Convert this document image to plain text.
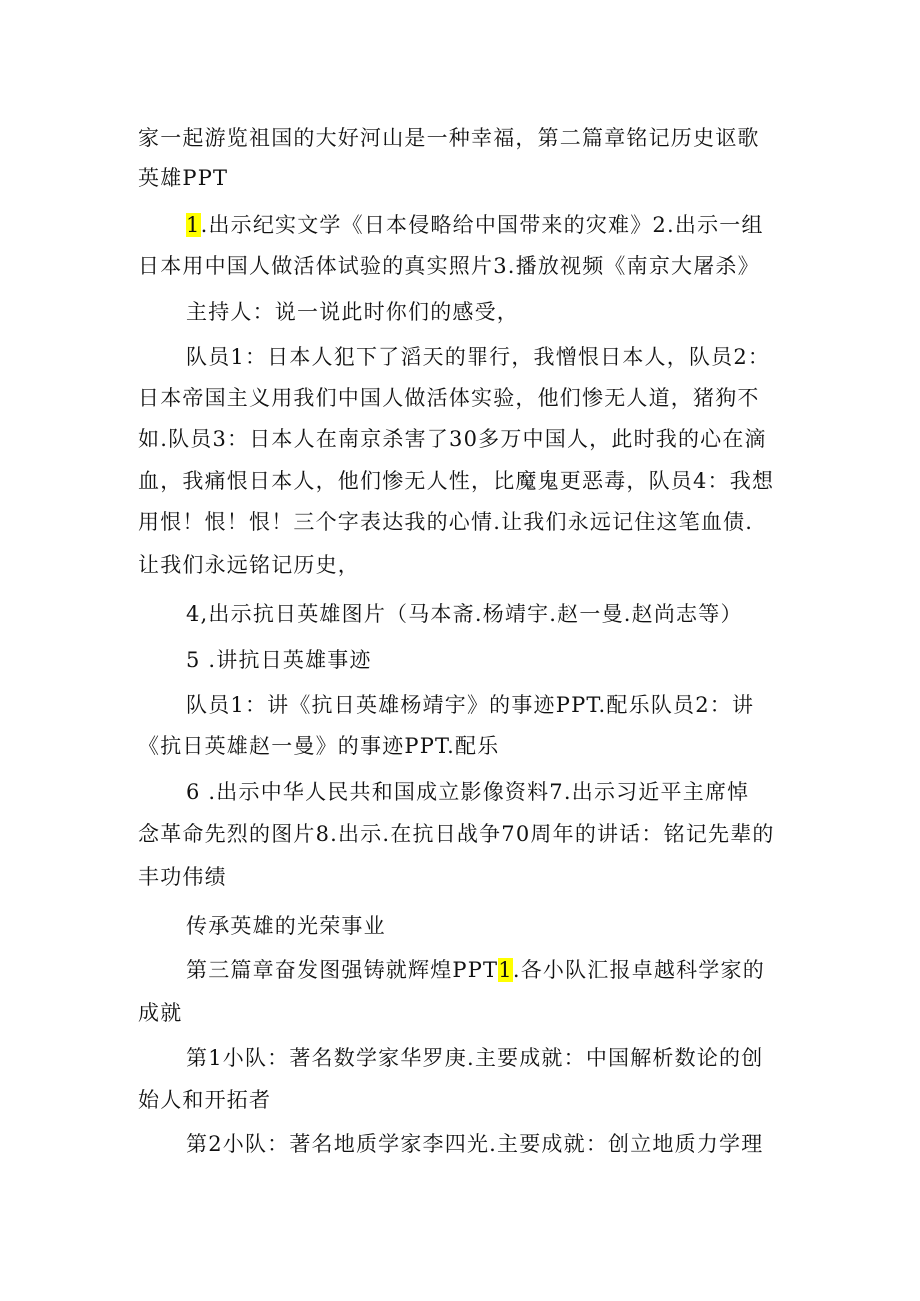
家一起游览祖国的大好河山是一种幸福，第二篇章铭记历史讴歌
英雄PPT
1.出示纪实文学《日本侵略给中国带来的灾难》2.出示一组
日本用中国人做活体试验的真实照片3.播放视频《南京大屠杀》
主持人：说一说此时你们的感受，
队员1：日本人犯下了滔天的罪行，我憎恨日本人，队员2：
日本帝国主义用我们中国人做活体实验，他们惨无人道，猪狗不
如.队员3：日本人在南京杀害了30多万中国人，此时我的心在滴
血，我痛恨日本人，他们惨无人性，比魔鬼更恶毒，队员4：我想
用恨！恨！恨！三个字表达我的心情.让我们永远记住这笔血债.
让我们永远铭记历史，
4,出示抗日英雄图片（马本斋.杨靖宇.赵一曼.赵尚志等）
5 .讲抗日英雄事迹
队员1：讲《抗日英雄杨靖宇》的事迹PPT.配乐队员2：讲
《抗日英雄赵一曼》的事迹PPT.配乐
6 .出示中华人民共和国成立影像资料7.出示习近平主席悼
念革命先烈的图片8.出示.在抗日战争70周年的讲话：铭记先辈的
丰功伟绩
传承英雄的光荣事业
第三篇章奋发图强铸就辉煌PPT1.各小队汇报卓越科学家的
成就
第1小队：著名数学家华罗庚.主要成就：中国解析数论的创
始人和开拓者
第2小队：著名地质学家李四光.主要成就：创立地质力学理
